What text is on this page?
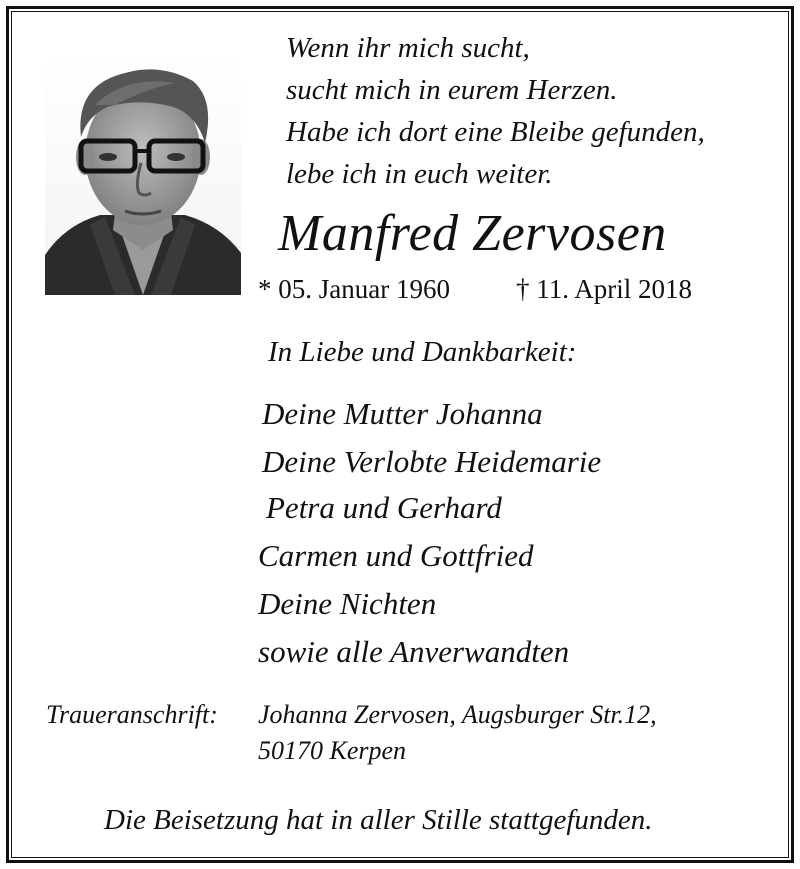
Wenn ihr mich sucht,
sucht mich in eurem Herzen.
Habe ich dort eine Bleibe gefunden,
lebe ich in euch weiter.
Manfred Zervosen
* 05. Januar 1960 † 11. April 2018
In Liebe und Dankbarkeit:
Deine Mutter Johanna
Deine Verlobte Heidemarie
Petra und Gerhard
Carmen und Gottfried
Deine Nichten
sowie alle Anverwandten
Traueranschrift: Johanna Zervosen, Augsburger Str.12,
50170 Kerpen
Die Beisetzung hat in aller Stille stattgefunden.
